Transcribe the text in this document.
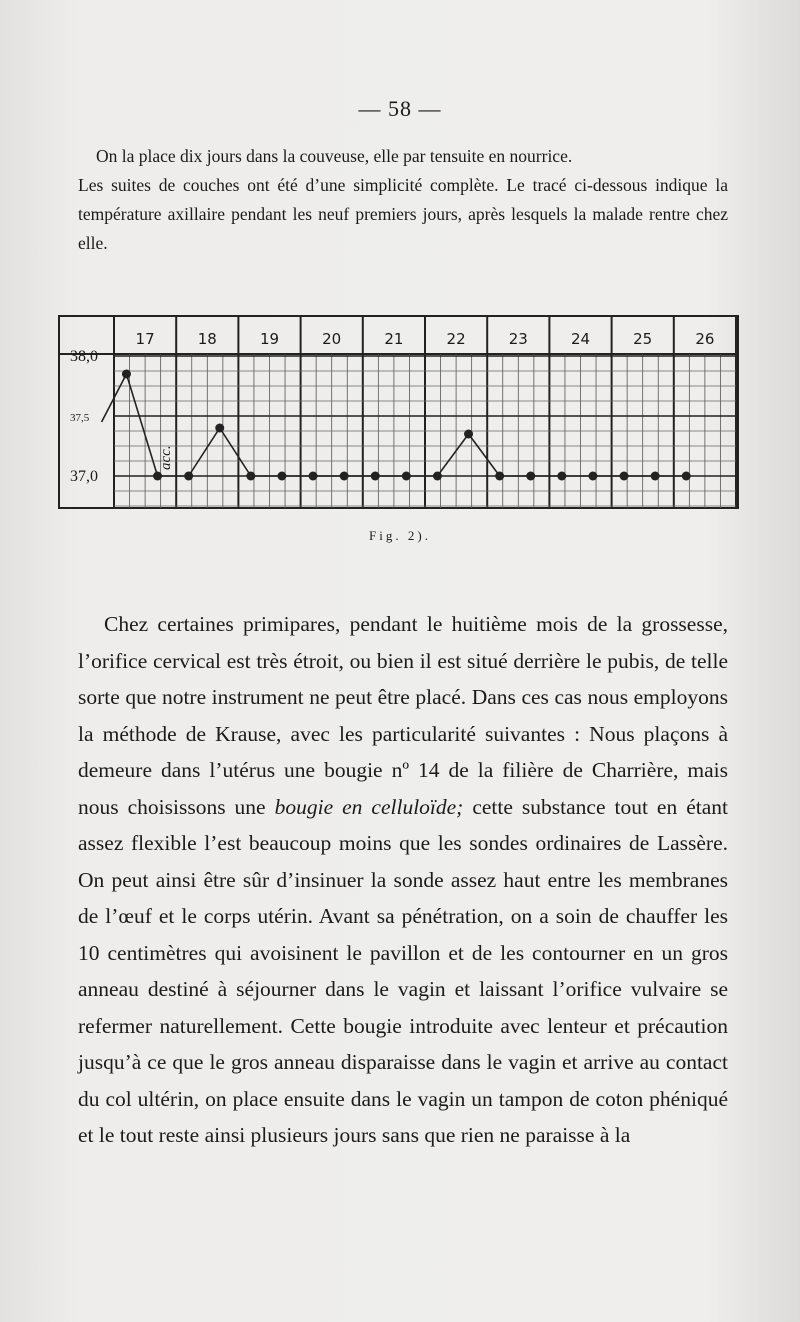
— 58 —

On la place dix jours dans la couveuse, elle par tensuite en nourrice.

Les suites de couches ont été d’une simplicité complète. Le tracé ci-dessous indique la température axillaire pendant les neuf premiers jours, après lesquels la malade rentre chez elle.

17	18	19	20	21	22	23	24	25	26
38,0
37,5
37,0
acc.
Fig. 2).

Chez certaines primipares, pendant le huitième mois de la grossesse, l’orifice cervical est très étroit, ou bien il est situé derrière le pubis, de telle sorte que notre instrument ne peut être placé. Dans ces cas nous employons la méthode de Krause, avec les particularité suivantes : Nous plaçons à demeure dans l’utérus une bougie nº 14 de la filière de Charrière, mais nous choisissons une bougie en celluloïde; cette substance tout en étant assez flexible l’est beaucoup moins que les sondes ordinaires de Lassère. On peut ainsi être sûr d’insinuer la sonde assez haut entre les membranes de l’œuf et le corps utérin. Avant sa pénétration, on a soin de chauffer les 10 centimètres qui avoisinent le pavillon et de les contourner en un gros anneau destiné à séjourner dans le vagin et laissant l’orifice vulvaire se refermer naturellement. Cette bougie introduite avec lenteur et précaution jusqu’à ce que le gros anneau disparaisse dans le vagin et arrive au contact du col ultérin, on place ensuite dans le vagin un tampon de coton phéniqué et le tout reste ainsi plusieurs jours sans que rien ne paraisse à la
